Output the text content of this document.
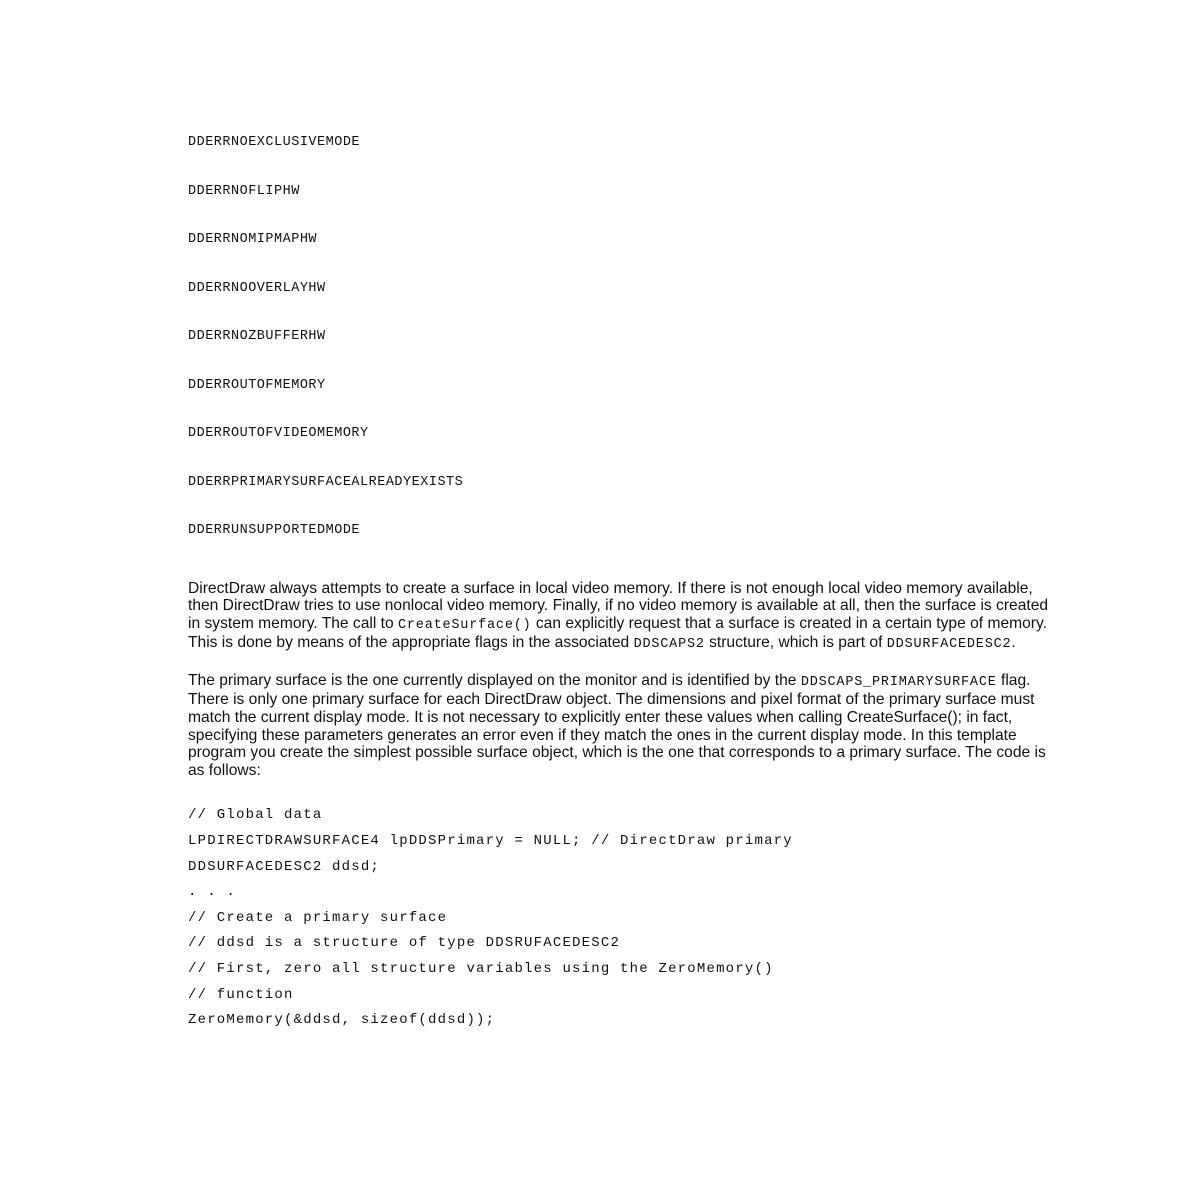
DDERRNOEXCLUSIVEMODE
DDERRNOFLIPHW
DDERRNOMIPMAPHW
DDERRNOOVERLAYHW
DDERRNOZBUFFERHW
DDERROUTOFMEMORY
DDERROUTOFVIDEOMEMORY
DDERRPRIMARYSURFACEALREADYEXISTS
DDERRUNSUPPORTEDMODE

DirectDraw always attempts to create a surface in local video memory. If there is not enough local video memory available, then DirectDraw tries to use nonlocal video memory. Finally, if no video memory is available at all, then the surface is created in system memory. The call to CreateSurface() can explicitly request that a surface is created in a certain type of memory. This is done by means of the appropriate flags in the associated DDSCAPS2 structure, which is part of DDSURFACEDESC2.

The primary surface is the one currently displayed on the monitor and is identified by the DDSCAPS_PRIMARYSURFACE flag. There is only one primary surface for each DirectDraw object. The dimensions and pixel format of the primary surface must match the current display mode. It is not necessary to explicitly enter these values when calling CreateSurface(); in fact, specifying these parameters generates an error even if they match the ones in the current display mode. In this template program you create the simplest possible surface object, which is the one that corresponds to a primary surface. The code is as follows:

// Global data
LPDIRECTDRAWSURFACE4 lpDDSPrimary = NULL; // DirectDraw primary
DDSURFACEDESC2 ddsd;
. . .
// Create a primary surface
// ddsd is a structure of type DDSRUFACEDESC2
// First, zero all structure variables using the ZeroMemory()
// function
ZeroMemory(&ddsd, sizeof(ddsd));
